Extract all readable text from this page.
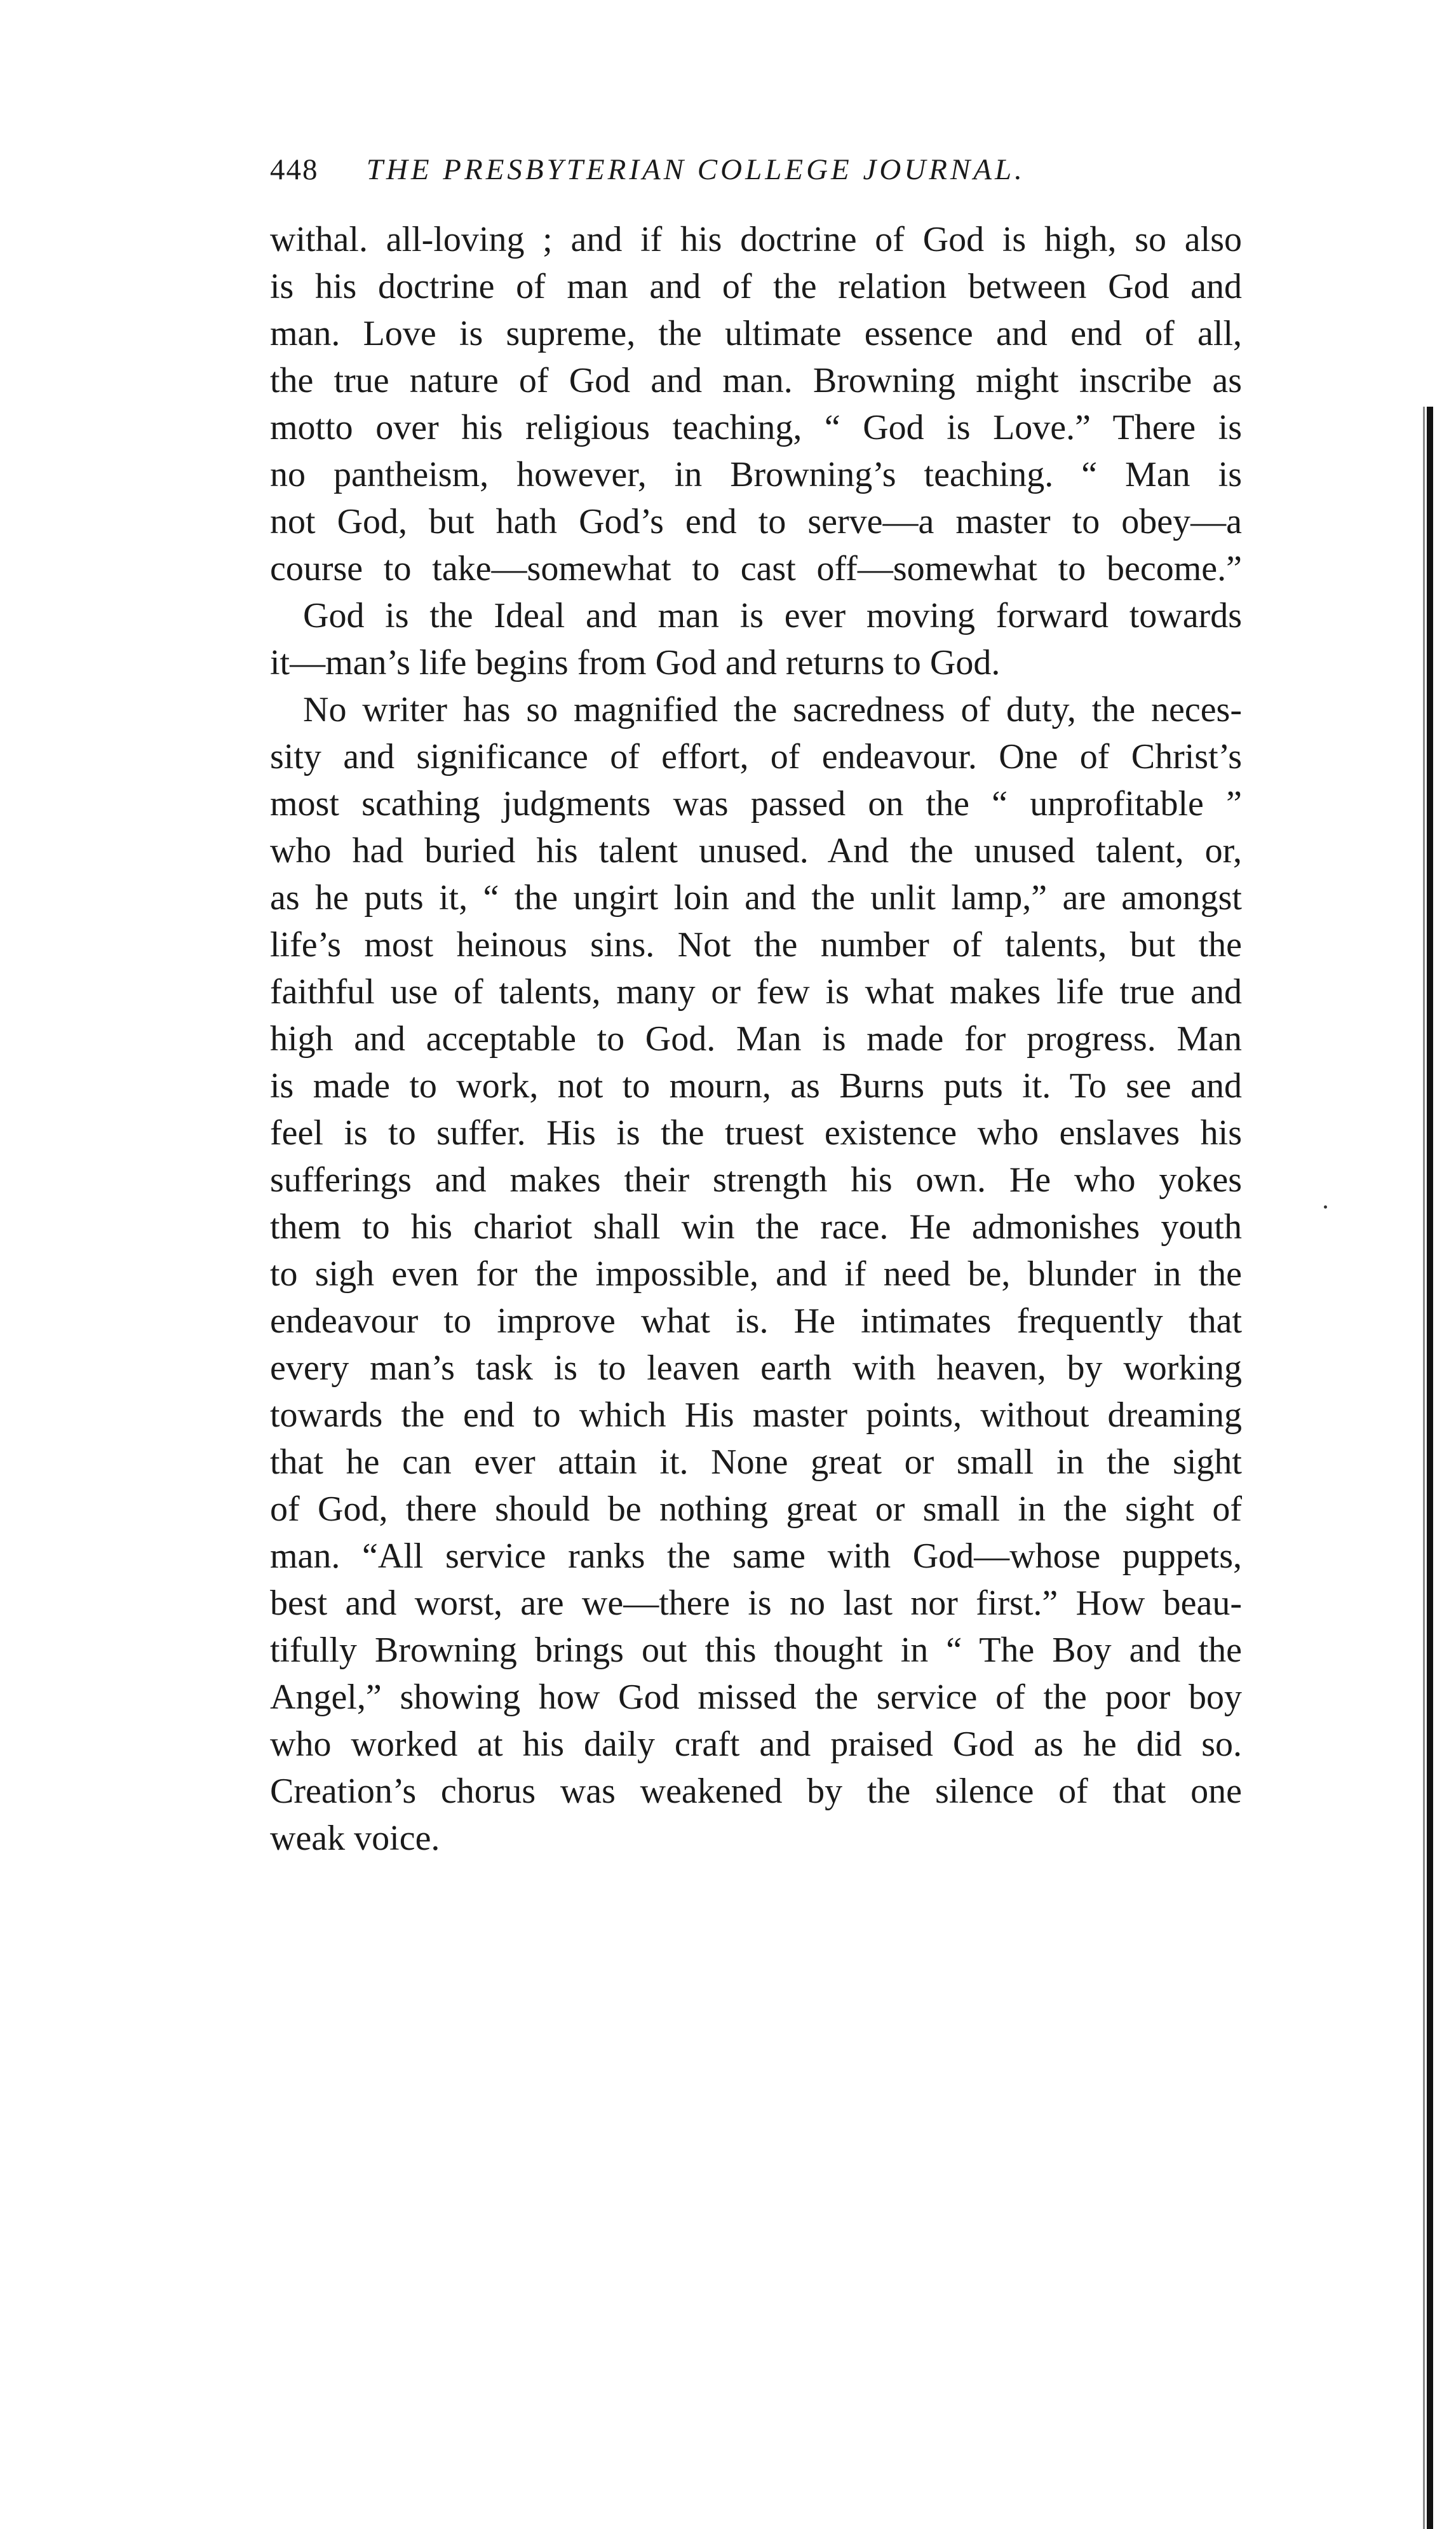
448 THE PRESBYTERIAN COLLEGE JOURNAL.
withal. all-loving ; and if his doctrine of God is high, so also
is his doctrine of man and of the relation between God and
man. Love is supreme, the ultimate essence and end of all,
the true nature of God and man. Browning might inscribe as
motto over his religious teaching, “ God is Love.” There is
no pantheism, however, in Browning’s teaching. “ Man is
not God, but hath God’s end to serve—a master to obey—a
course to take—somewhat to cast off—somewhat to become.”
God is the Ideal and man is ever moving forward towards
it—man’s life begins from God and returns to God.
No writer has so magnified the sacredness of duty, the neces-
sity and significance of effort, of endeavour. One of Christ’s
most scathing judgments was passed on the “ unprofitable ”
who had buried his talent unused. And the unused talent, or,
as he puts it, “ the ungirt loin and the unlit lamp,” are amongst
life’s most heinous sins. Not the number of talents, but the
faithful use of talents, many or few is what makes life true and
high and acceptable to God. Man is made for progress. Man
is made to work, not to mourn, as Burns puts it. To see and
feel is to suffer. His is the truest existence who enslaves his
sufferings and makes their strength his own. He who yokes
them to his chariot shall win the race. He admonishes youth
to sigh even for the impossible, and if need be, blunder in the
endeavour to improve what is. He intimates frequently that
every man’s task is to leaven earth with heaven, by working
towards the end to which His master points, without dreaming
that he can ever attain it. None great or small in the sight
of God, there should be nothing great or small in the sight of
man. “All service ranks the same with God—whose puppets,
best and worst, are we—there is no last nor first.” How beau-
tifully Browning brings out this thought in “ The Boy and the
Angel,” showing how God missed the service of the poor boy
who worked at his daily craft and praised God as he did so.
Creation’s chorus was weakened by the silence of that one
weak voice.
